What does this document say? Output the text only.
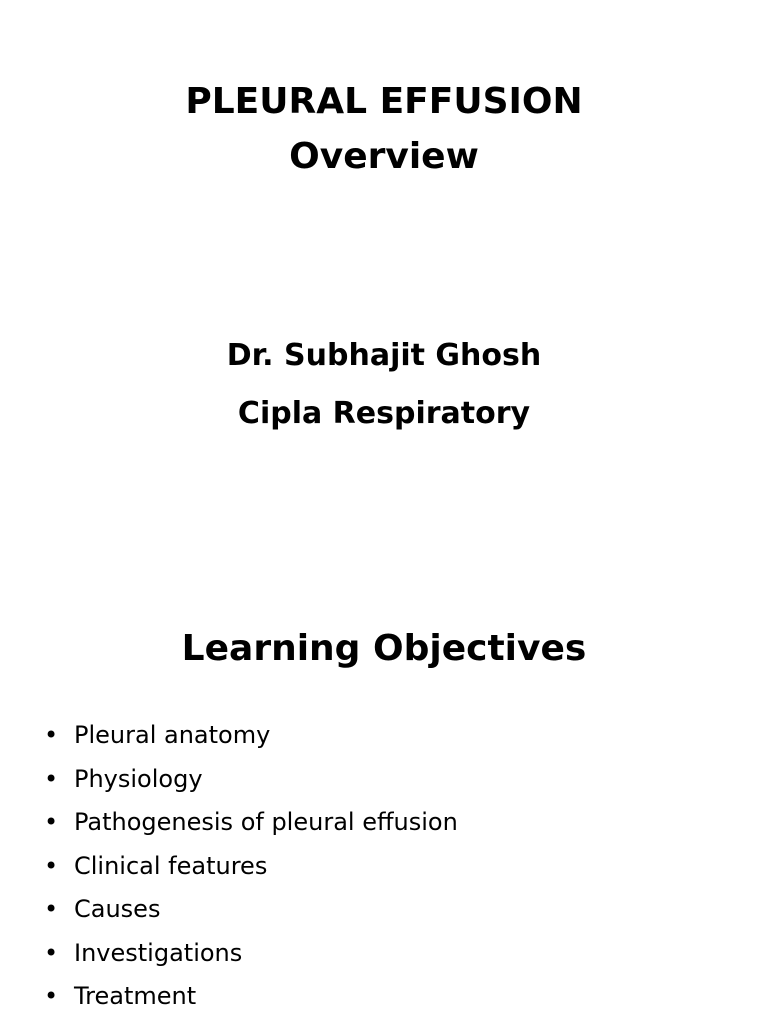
PLEURAL EFFUSION
Overview
Dr. Subhajit Ghosh
Cipla Respiratory
Learning Objectives
• Pleural anatomy
• Physiology
• Pathogenesis of pleural effusion
• Clinical features
• Causes
• Investigations
• Treatment
